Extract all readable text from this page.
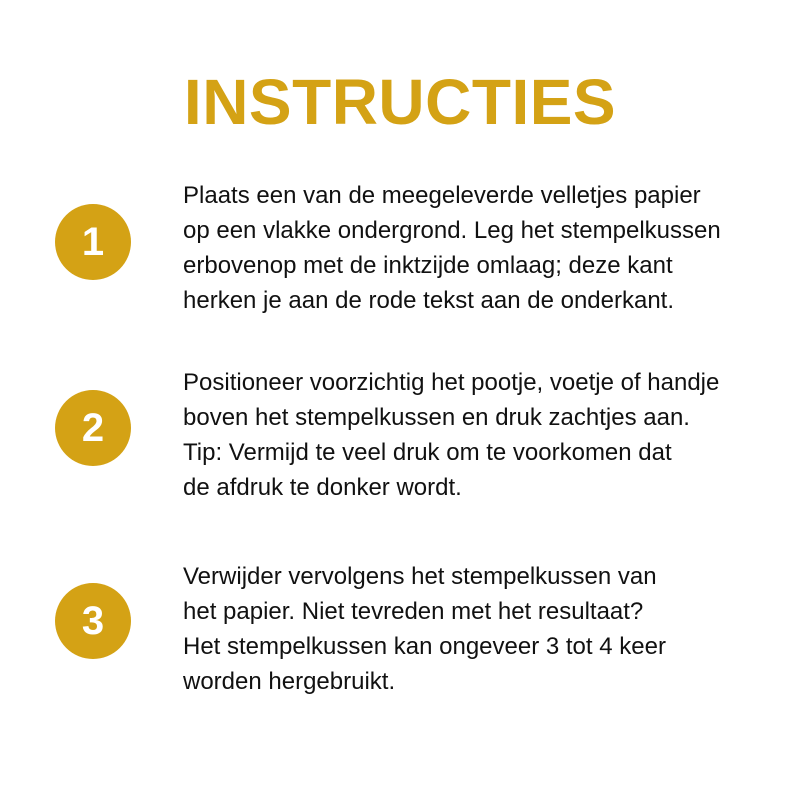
INSTRUCTIES
1

Plaats een van de meegeleverde velletjes papier
op een vlakke ondergrond. Leg het stempelkussen
erbovenop met de inktzijde omlaag; deze kant
herken je aan de rode tekst aan de onderkant.

2

Positioneer voorzichtig het pootje, voetje of handje
boven het stempelkussen en druk zachtjes aan.
Tip: Vermijd te veel druk om te voorkomen dat
de afdruk te donker wordt.

3

Verwijder vervolgens het stempelkussen van
het papier. Niet tevreden met het resultaat?
Het stempelkussen kan ongeveer 3 tot 4 keer
worden hergebruikt.
